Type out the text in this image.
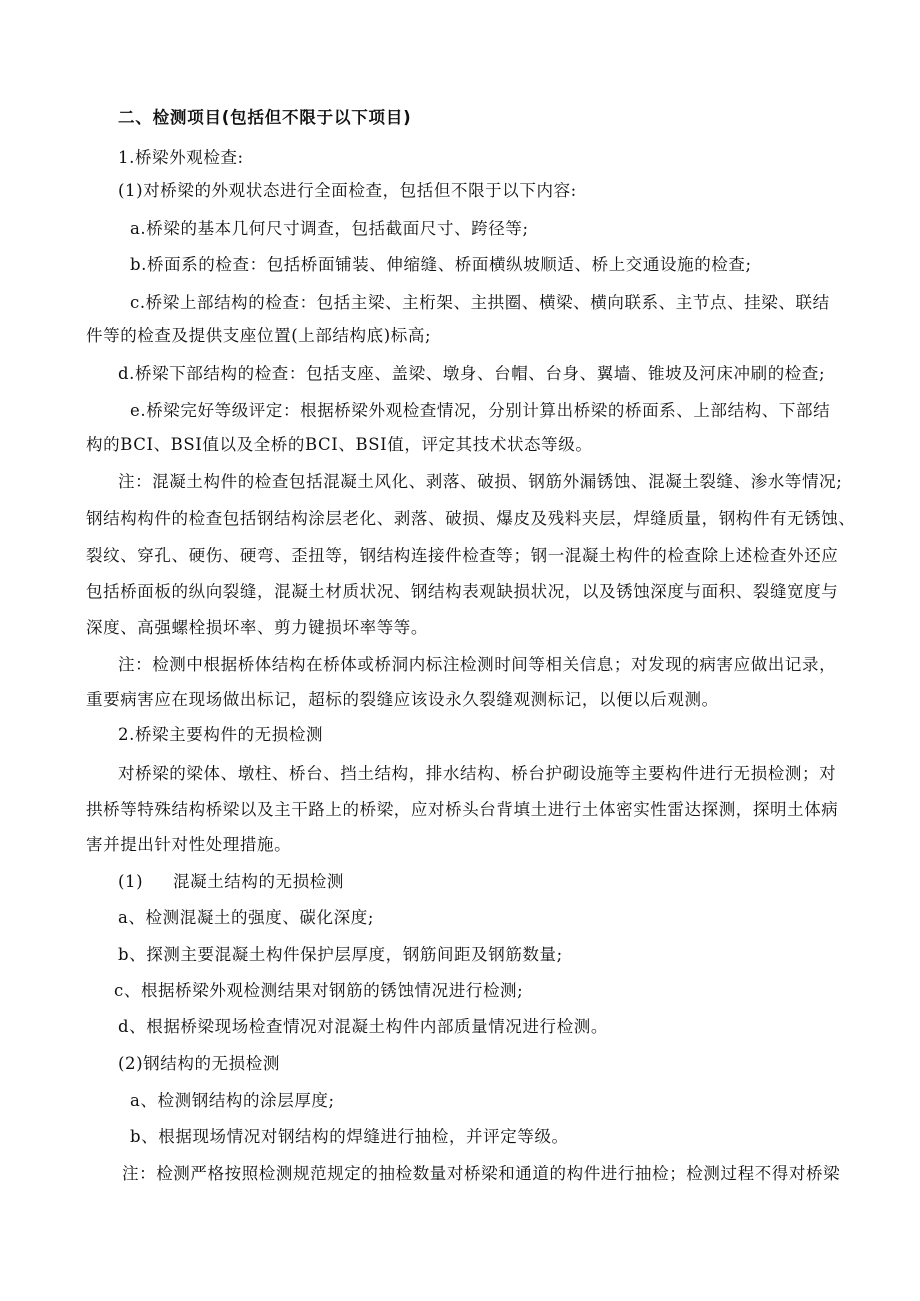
二、检测项目(包括但不限于以下项目)
1.桥梁外观检查:
(1)对桥梁的外观状态进行全面检查，包括但不限于以下内容:
a.桥梁的基本几何尺寸调查，包括截面尺寸、跨径等;
b.桥面系的检查：包括桥面铺装、伸缩缝、桥面横纵坡顺适、桥上交通设施的检查;
c.桥梁上部结构的检查：包括主梁、主桁架、主拱圈、横梁、横向联系、主节点、挂梁、联结
件等的检查及提供支座位置(上部结构底)标高;
d.桥梁下部结构的检查：包括支座、盖梁、墩身、台帽、台身、翼墙、锥坡及河床冲刷的检查;
e.桥梁完好等级评定：根据桥梁外观检查情况，分别计算出桥梁的桥面系、上部结构、下部结
构的BCI、BSI值以及全桥的BCI、BSI值，评定其技术状态等级。
注：混凝土构件的检查包括混凝土风化、剥落、破损、钢筋外漏锈蚀、混凝土裂缝、渗水等情况;
钢结构构件的检查包括钢结构涂层老化、剥落、破损、爆皮及残料夹层，焊缝质量，钢构件有无锈蚀、
裂纹、穿孔、硬伤、硬弯、歪扭等，钢结构连接件检查等；钢一混凝土构件的检查除上述检查外还应
包括桥面板的纵向裂缝，混凝土材质状况、钢结构表观缺损状况，以及锈蚀深度与面积、裂缝宽度与
深度、高强螺栓损坏率、剪力键损坏率等等。
注：检测中根据桥体结构在桥体或桥洞内标注检测时间等相关信息；对发现的病害应做出记录，
重要病害应在现场做出标记，超标的裂缝应该设永久裂缝观测标记，以便以后观测。
2.桥梁主要构件的无损检测
对桥梁的梁体、墩柱、桥台、挡土结构，排水结构、桥台护砌设施等主要构件进行无损检测；对
拱桥等特殊结构桥梁以及主干路上的桥梁，应对桥头台背填土进行土体密实性雷达探测，探明土体病
害并提出针对性处理措施。
(1) 混凝土结构的无损检测
a、检测混凝土的强度、碳化深度;
b、探测主要混凝土构件保护层厚度，钢筋间距及钢筋数量;
c、根据桥梁外观检测结果对钢筋的锈蚀情况进行检测;
d、根据桥梁现场检查情况对混凝土构件内部质量情况进行检测。
(2)钢结构的无损检测
a、检测钢结构的涂层厚度;
b、根据现场情况对钢结构的焊缝进行抽检，并评定等级。
注：检测严格按照检测规范规定的抽检数量对桥梁和通道的构件进行抽检；检测过程不得对桥梁
